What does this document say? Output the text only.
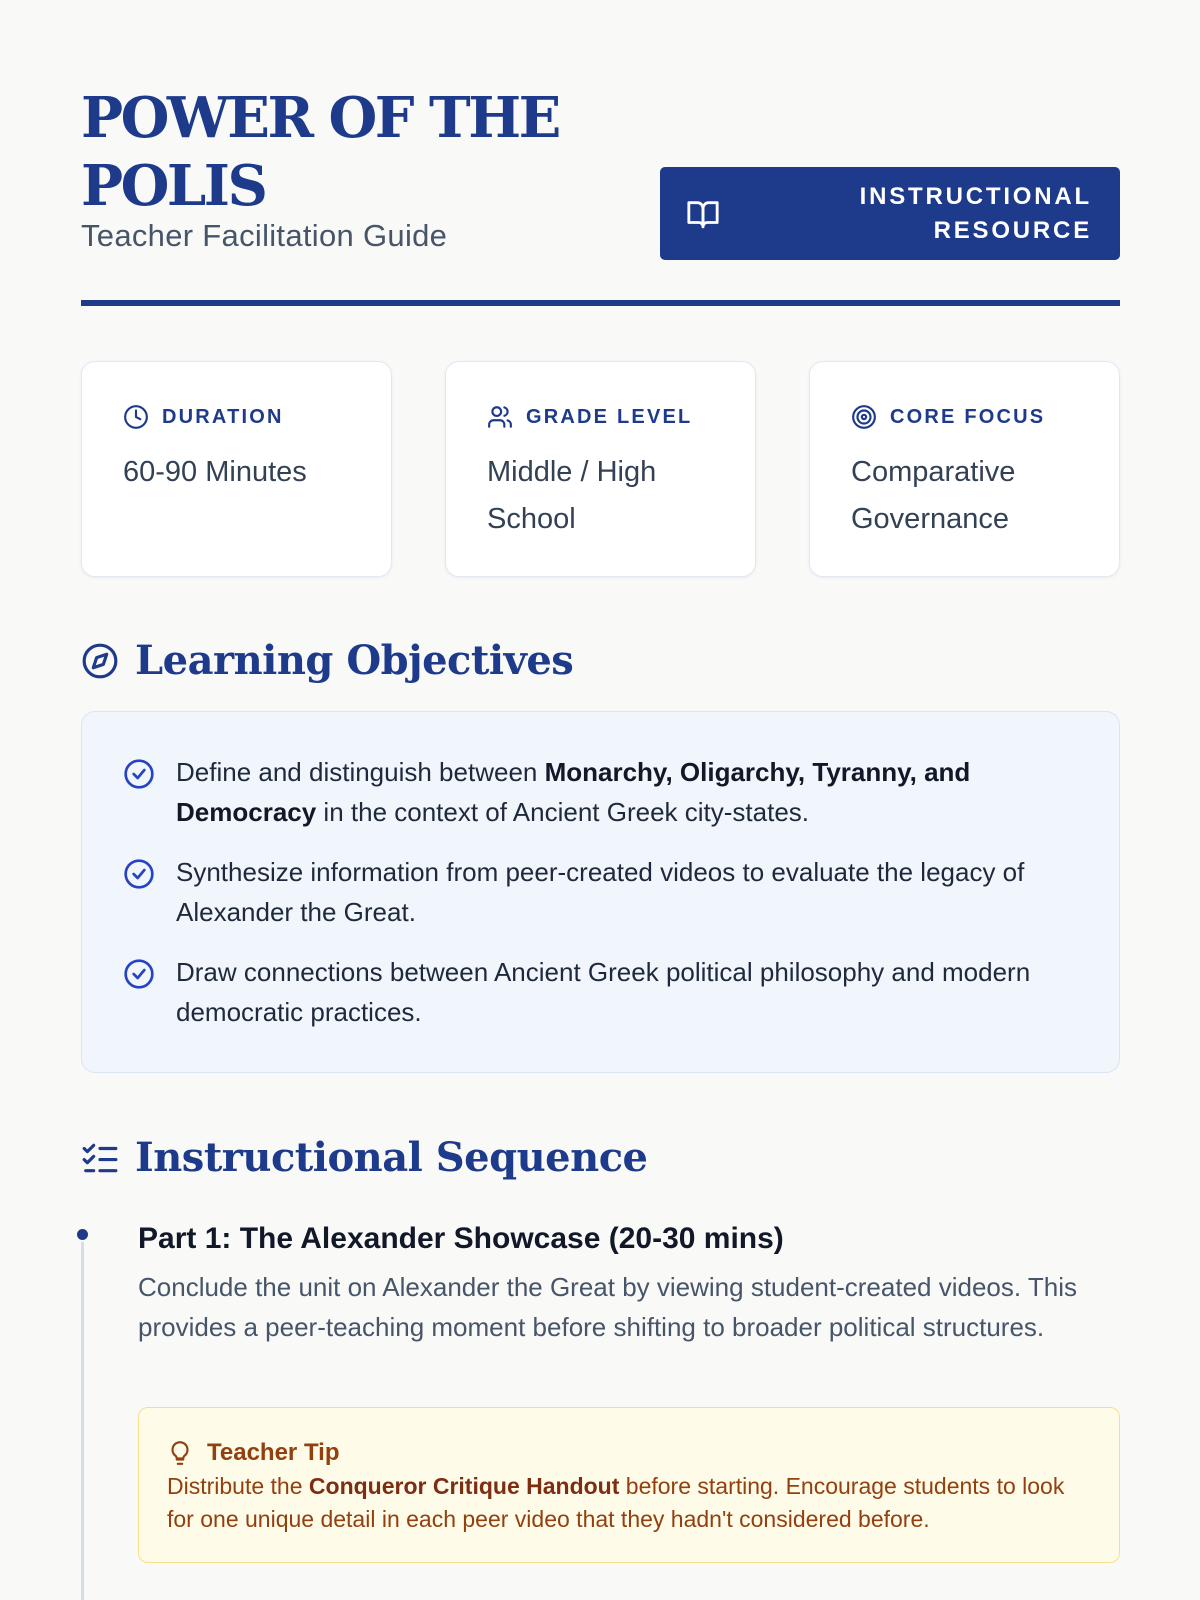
POWER OF THE POLIS
Teacher Facilitation Guide
INSTRUCTIONAL
RESOURCE
DURATION
60-90 Minutes
GRADE LEVEL
Middle / High School
CORE FOCUS
Comparative Governance
Learning Objectives
Define and distinguish between Monarchy, Oligarchy, Tyranny, and Democracy in the context of Ancient Greek city-states.
Synthesize information from peer-created videos to evaluate the legacy of Alexander the Great.
Draw connections between Ancient Greek political philosophy and modern democratic practices.
Instructional Sequence
Part 1: The Alexander Showcase (20-30 mins)

Conclude the unit on Alexander the Great by viewing student-created videos. This provides a peer-teaching moment before shifting to broader political structures.

Teacher Tip
Distribute the Conqueror Critique Handout before starting. Encourage students to look for one unique detail in each peer video that they hadn't considered before.
